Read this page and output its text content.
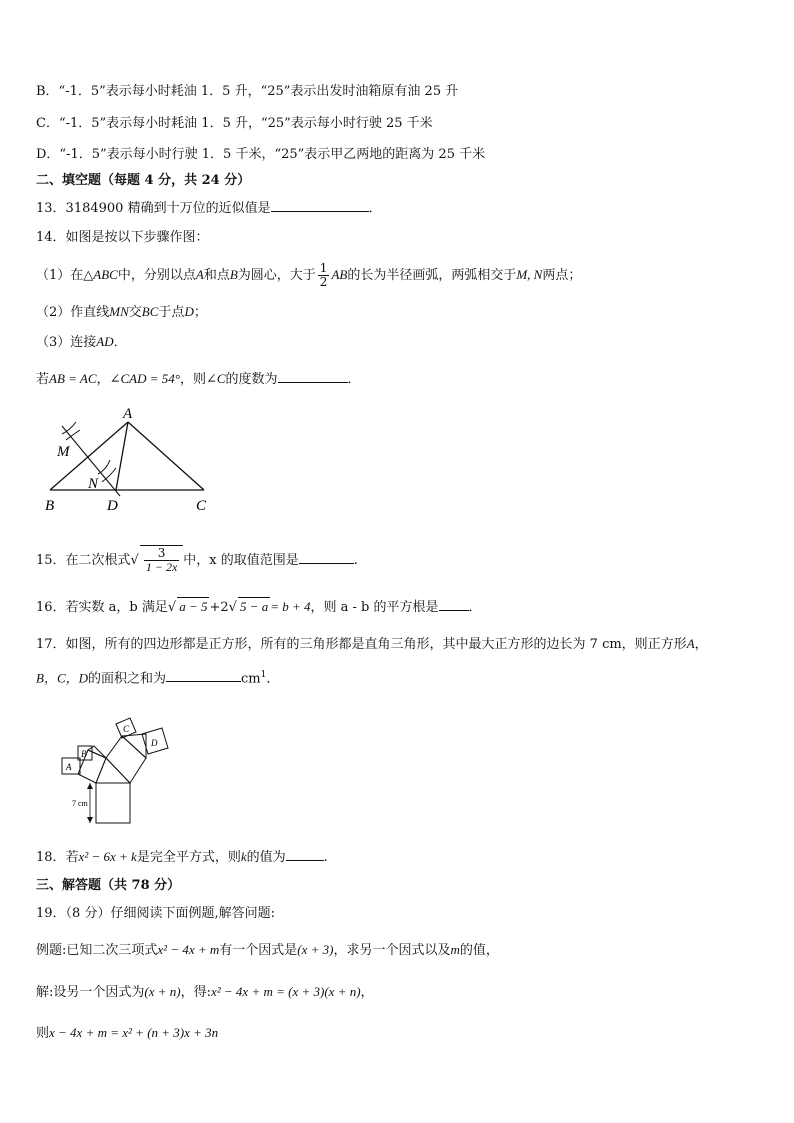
B．“-1．5”表示每小时耗油 1．5 升，“25”表示出发时油箱原有油 25 升
C．“-1．5”表示每小时耗油 1．5 升，“25”表示每小时行驶 25 千米
D．“-1．5”表示每小时行驶 1．5 千米，“25”表示甲乙两地的距离为 25 千米
二、填空题（每题 4 分，共 24 分）
13．3184900 精确到十万位的近似值是	．
14．如图是按以下步骤作图：
（1）在△ABC中，分别以点A和点B为圆心，大于 $\frac{1}{2}$ AB的长为半径画弧，两弧相交于M, N两点；
（2）作直线MN交BC于点D；
（3）连接AD．
若AB = AC，∠CAD = 54°，则∠C的度数为	．
A
M
N
B	D	C
15．在二次根式√ $\frac{3}{1 - 2x}$ 中，x 的取值范围是	.
16．若实数 a，b 满足√ a − 5 +2√ 5 − a = b + 4，则 a - b 的平方根是 ．
17．如图，所有的四边形都是正方形，所有的三角形都是直角三角形，其中最大正方形的边长为 7 cm，则正方形A，
B，C，D的面积之和为	$cm^1$．
A
B
C
D
7 cm
18．若x² − 6x + k是完全平方式，则k的值为	.
三、解答题（共 78 分）
19．（8 分）仔细阅读下面例题,解答问题:
例题:已知二次三项式x² − 4x + m有一个因式是(x + 3)，求另一个因式以及m的值，
解:设另一个因式为(x + n)，得:x² − 4x + m = (x + 3)(x + n)，
则x − 4x + m = x² + (n + 3)x + 3n
